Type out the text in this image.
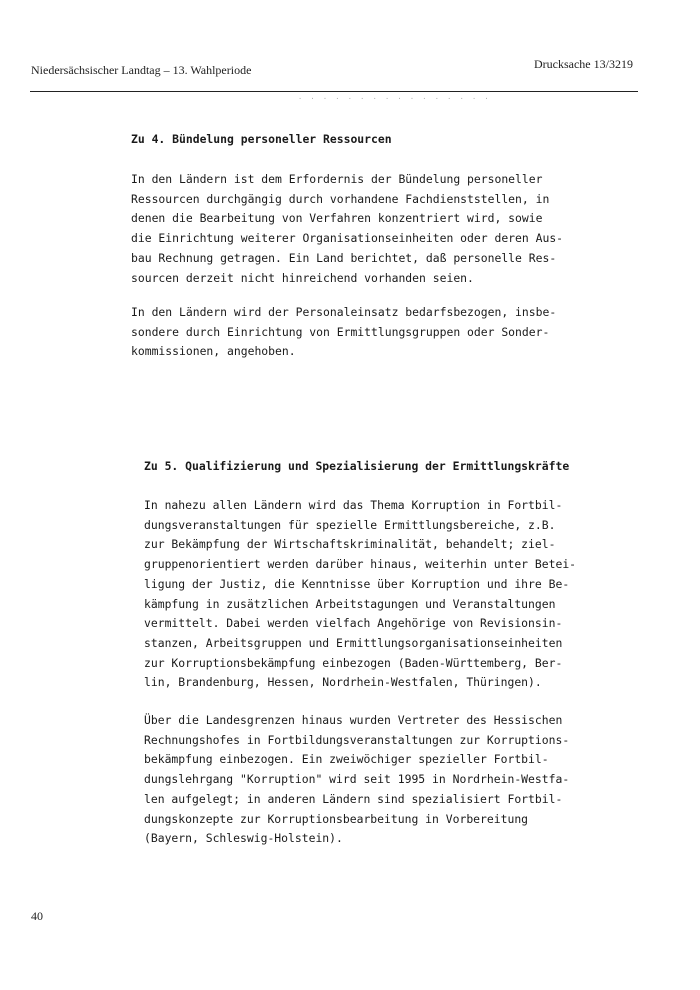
Niedersächsischer Landtag – 13. Wahlperiode	Drucksache 13/3219
· · · · · · · · · · · · · · · ·
Zu 4. Bündelung personeller Ressourcen
In den Ländern ist dem Erfordernis der Bündelung personeller
Ressourcen durchgängig durch vorhandene Fachdienststellen, in
denen die Bearbeitung von Verfahren konzentriert wird, sowie
die Einrichtung weiterer Organisationseinheiten oder deren Aus-
bau Rechnung getragen. Ein Land berichtet, daß personelle Res-
sourcen derzeit nicht hinreichend vorhanden seien.
In den Ländern wird der Personaleinsatz bedarfsbezogen, insbe-
sondere durch Einrichtung von Ermittlungsgruppen oder Sonder-
kommissionen, angehoben.
Zu 5. Qualifizierung und Spezialisierung der Ermittlungskräfte
In nahezu allen Ländern wird das Thema Korruption in Fortbil-
dungsveranstaltungen für spezielle Ermittlungsbereiche, z.B.
zur Bekämpfung der Wirtschaftskriminalität, behandelt; ziel-
gruppenorientiert werden darüber hinaus, weiterhin unter Betei-
ligung der Justiz, die Kenntnisse über Korruption und ihre Be-
kämpfung in zusätzlichen Arbeitstagungen und Veranstaltungen
vermittelt. Dabei werden vielfach Angehörige von Revisionsin-
stanzen, Arbeitsgruppen und Ermittlungsorganisationseinheiten
zur Korruptionsbekämpfung einbezogen (Baden-Württemberg, Ber-
lin, Brandenburg, Hessen, Nordrhein-Westfalen, Thüringen).
Über die Landesgrenzen hinaus wurden Vertreter des Hessischen
Rechnungshofes in Fortbildungsveranstaltungen zur Korruptions-
bekämpfung einbezogen. Ein zweiwöchiger spezieller Fortbil-
dungslehrgang "Korruption" wird seit 1995 in Nordrhein-Westfa-
len aufgelegt; in anderen Ländern sind spezialisiert Fortbil-
dungskonzepte zur Korruptionsbearbeitung in Vorbereitung
(Bayern, Schleswig-Holstein).
40
